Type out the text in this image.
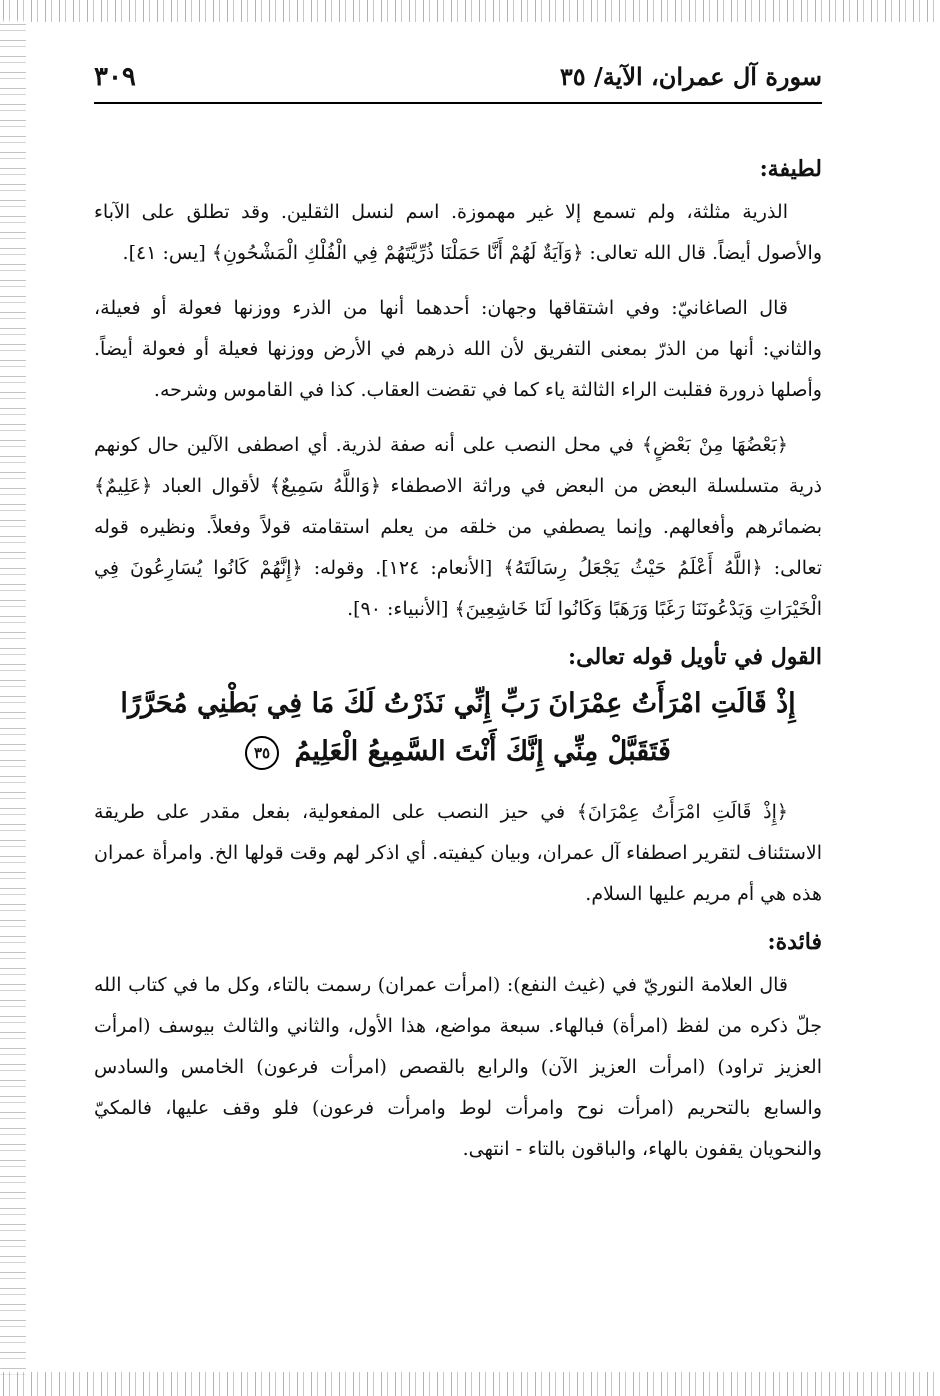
سورة آل عمران، الآية/ ٣٥
٣٠٩
لطيفة:

الذرية مثلثة، ولم تسمع إلا غير مهموزة. اسم لنسل الثقلين. وقد تطلق على الآباء والأصول أيضاً. قال الله تعالى: ﴿وَآيَةٌ لَهُمْ أَنَّا حَمَلْنَا ذُرِّيَّتَهُمْ فِي الْفُلْكِ الْمَشْحُونِ﴾ [يس: ٤١].

قال الصاغانيّ: وفي اشتقاقها وجهان: أحدهما أنها من الذرء ووزنها فعولة أو فعيلة، والثاني: أنها من الذرّ بمعنى التفريق لأن الله ذرهم في الأرض ووزنها فعيلة أو فعولة أيضاً. وأصلها ذرورة فقلبت الراء الثالثة ياء كما في تقضت العقاب. كذا في القاموس وشرحه.

﴿بَعْضُهَا مِنْ بَعْضٍ﴾ في محل النصب على أنه صفة لذرية. أي اصطفى الآلين حال كونهم ذرية متسلسلة البعض من البعض في وراثة الاصطفاء ﴿وَاللَّهُ سَمِيعٌ﴾ لأقوال العباد ﴿عَلِيمٌ﴾ بضمائرهم وأفعالهم. وإنما يصطفي من خلقه من يعلم استقامته قولاً وفعلاً. ونظيره قوله تعالى: ﴿اللَّهُ أَعْلَمُ حَيْثُ يَجْعَلُ رِسَالَتَهُ﴾ [الأنعام: ١٢٤]. وقوله: ﴿إِنَّهُمْ كَانُوا يُسَارِعُونَ فِي الْخَيْرَاتِ وَيَدْعُونَنَا رَغَبًا وَرَهَبًا وَكَانُوا لَنَا خَاشِعِينَ﴾ [الأنبياء: ٩٠].

القول في تأويل قوله تعالى:
إِذْ قَالَتِ امْرَأَتُ عِمْرَانَ رَبِّ إِنِّي نَذَرْتُ لَكَ مَا فِي بَطْنِي مُحَرَّرًا فَتَقَبَّلْ مِنِّي إِنَّكَ أَنْتَ السَّمِيعُ الْعَلِيمُ ٣٥

﴿إِذْ قَالَتِ امْرَأَتُ عِمْرَانَ﴾ في حيز النصب على المفعولية، بفعل مقدر على طريقة الاستئناف لتقرير اصطفاء آل عمران، وبيان كيفيته. أي اذكر لهم وقت قولها الخ. وامرأة عمران هذه هي أم مريم عليها السلام.

فائدة:

قال العلامة النوريّ في (غيث النفع): (امرأت عمران) رسمت بالتاء، وكل ما في كتاب الله جلّ ذكره من لفظ (امرأة) فبالهاء. سبعة مواضع، هذا الأول، والثاني والثالث بيوسف (امرأت العزيز تراود) (امرأت العزيز الآن) والرابع بالقصص (امرأت فرعون) الخامس والسادس والسابع بالتحريم (امرأت نوح وامرأت لوط وامرأت فرعون) فلو وقف عليها، فالمكيّ والنحويان يقفون بالهاء، والباقون بالتاء - انتهى.
